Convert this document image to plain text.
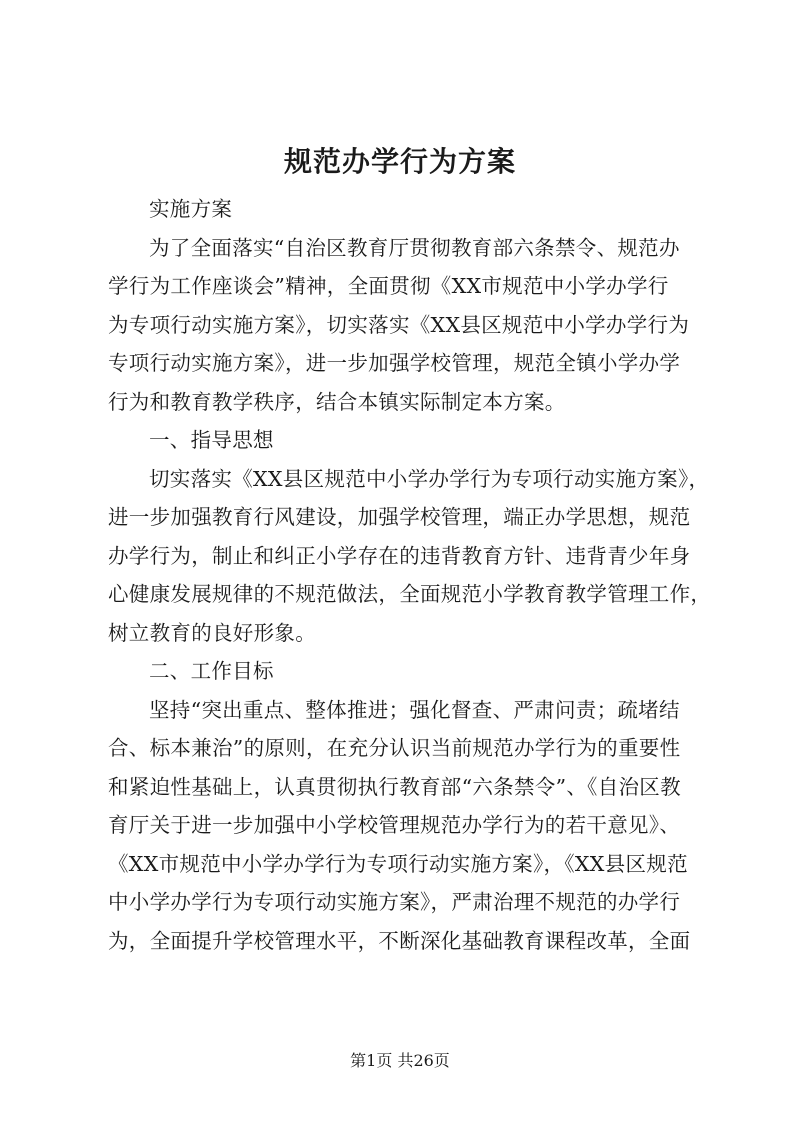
规范办学行为方案
实施方案
为了全面落实“自治区教育厅贯彻教育部六条禁令、规范办
学行为工作座谈会”精神，全面贯彻《XX市规范中小学办学行
为专项行动实施方案》，切实落实《XX县区规范中小学办学行为
专项行动实施方案》，进一步加强学校管理，规范全镇小学办学
行为和教育教学秩序，结合本镇实际制定本方案。
一、指导思想
切实落实《XX县区规范中小学办学行为专项行动实施方案》，
进一步加强教育行风建设，加强学校管理，端正办学思想，规范
办学行为，制止和纠正小学存在的违背教育方针、违背青少年身
心健康发展规律的不规范做法，全面规范小学教育教学管理工作，
树立教育的良好形象。
二、工作目标
坚持“突出重点、整体推进；强化督查、严肃问责；疏堵结
合、标本兼治”的原则，在充分认识当前规范办学行为的重要性
和紧迫性基础上，认真贯彻执行教育部“六条禁令”、《自治区教
育厅关于进一步加强中小学校管理规范办学行为的若干意见》、
《XX市规范中小学办学行为专项行动实施方案》，《XX县区规范
中小学办学行为专项行动实施方案》，严肃治理不规范的办学行
为，全面提升学校管理水平，不断深化基础教育课程改革，全面
第1页 共26页
